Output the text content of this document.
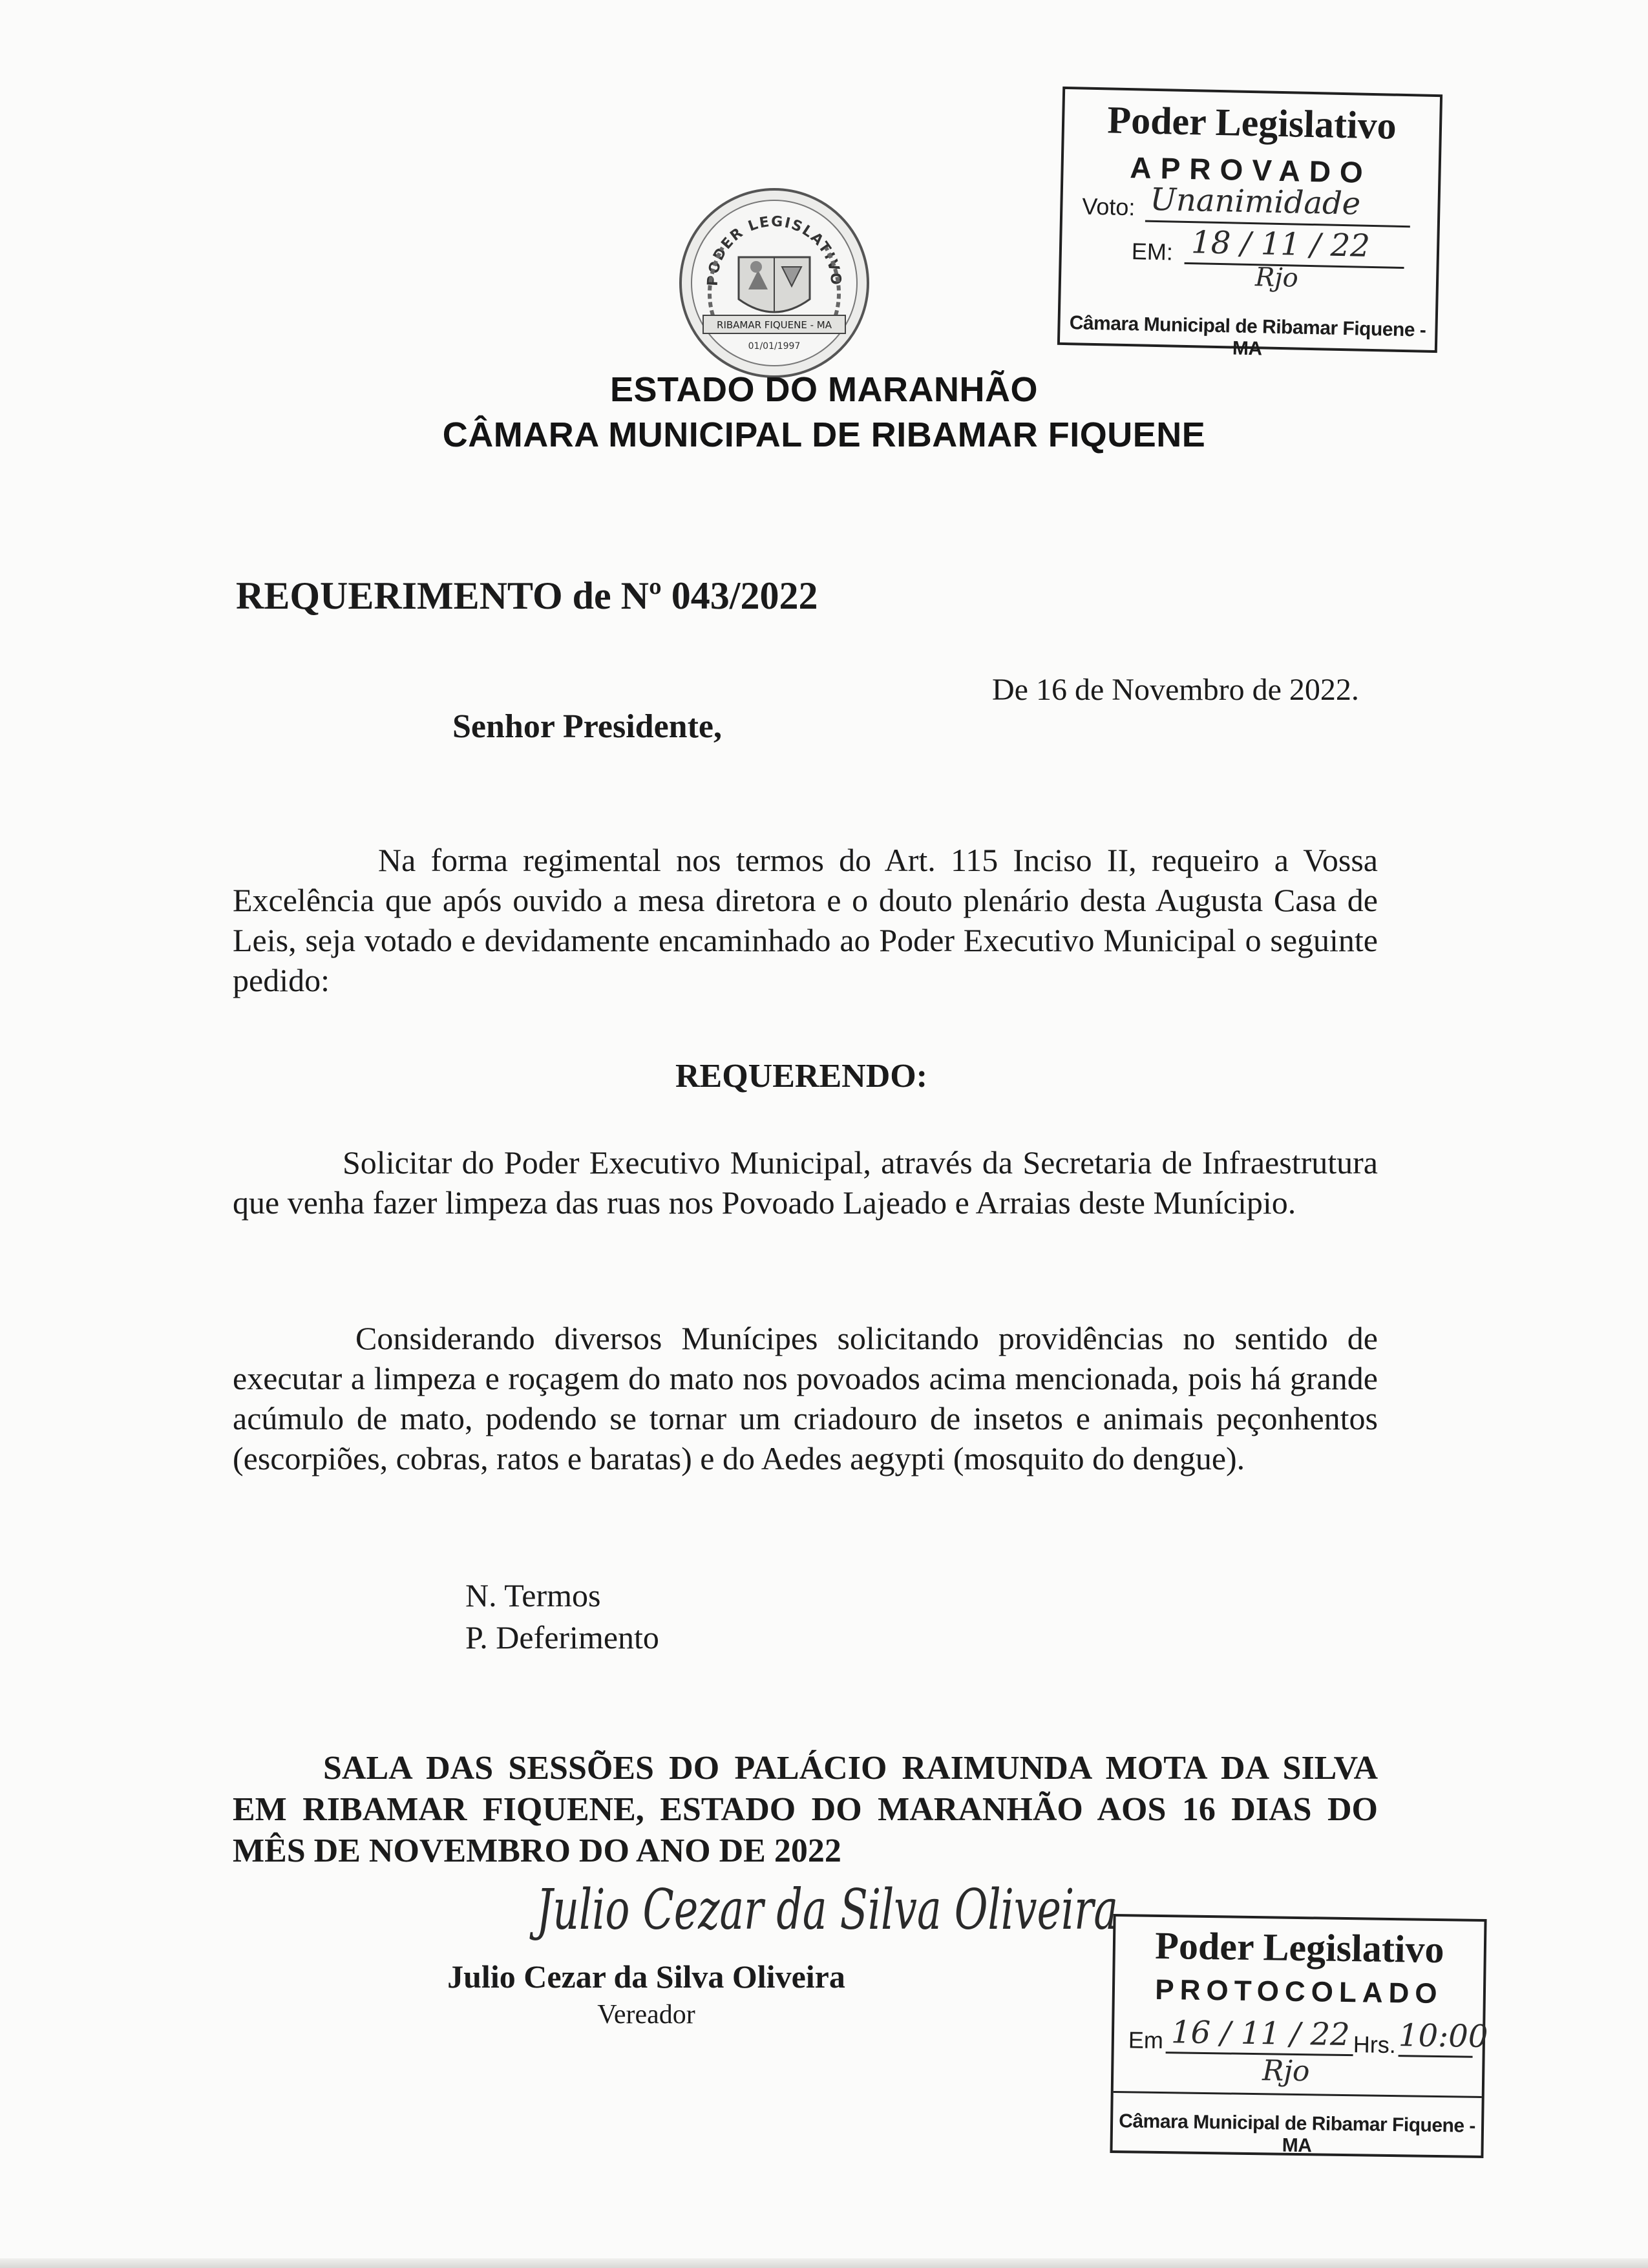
PODER LEGISLATIVO
RIBAMAR FIQUENE - MA
01/01/1997
ESTADO DO MARANHÃO
CÂMARA MUNICIPAL DE RIBAMAR FIQUENE
Poder Legislativo
APROVADO
Voto: Unanimidade
EM: 18 / 11 / 22
Rjo
Câmara Municipal de Ribamar Fiquene - MA
REQUERIMENTO de Nº 043/2022
De 16 de Novembro de 2022.
Senhor Presidente,
Na forma regimental nos termos do Art. 115 Inciso II, requeiro a Vossa Excelência que após ouvido a mesa diretora e o douto plenário desta Augusta Casa de Leis, seja votado e devidamente encaminhado ao Poder Executivo Municipal o seguinte pedido:
REQUERENDO:
Solicitar do Poder Executivo Municipal, através da Secretaria de Infraestrutura que venha fazer limpeza das ruas nos Povoado Lajeado e Arraias deste Munícipio.
Considerando diversos Munícipes solicitando providências no sentido de executar a limpeza e roçagem do mato nos povoados acima mencionada, pois há grande acúmulo de mato, podendo se tornar um criadouro de insetos e animais peçonhentos (escorpiões, cobras, ratos e baratas) e do Aedes aegypti (mosquito do dengue).
N. Termos
P. Deferimento
SALA DAS SESSÕES DO PALÁCIO RAIMUNDA MOTA DA SILVA EM RIBAMAR FIQUENE, ESTADO DO MARANHÃO AOS 16 DIAS DO MÊS DE NOVEMBRO DO ANO DE 2022
Julio Cezar da Silva Oliveira
Julio Cezar da Silva Oliveira
Vereador
Poder Legislativo
PROTOCOLADO
Em 16 / 11 / 22 Hrs. 10:00
Rjo
Câmara Municipal de Ribamar Fiquene - MA
